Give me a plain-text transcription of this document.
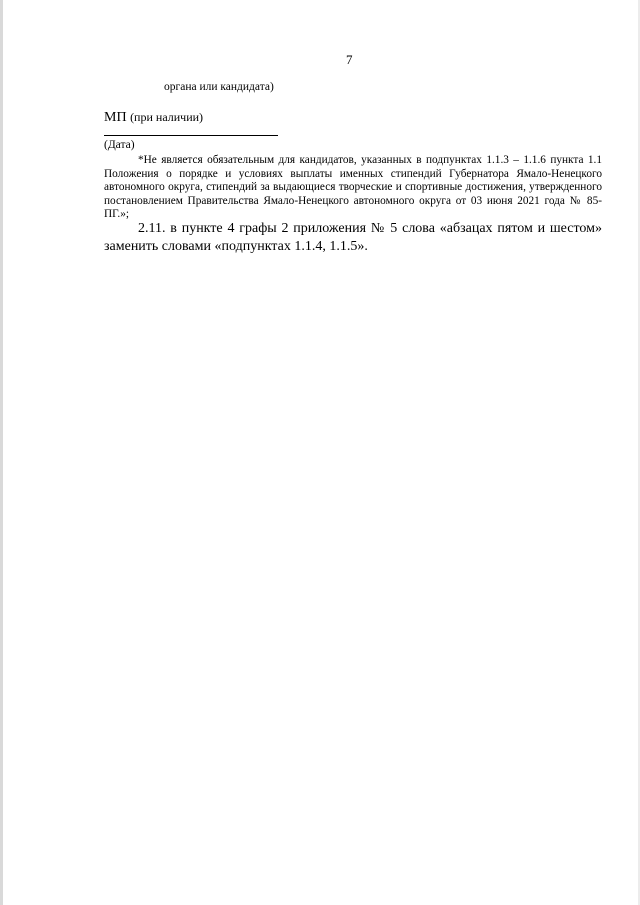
7
органа или кандидата)
МП (при наличии)
(Дата)

*Не является обязательным для кандидатов, указанных в подпунктах 1.1.3 – 1.1.6 пункта 1.1 Положения о порядке и условиях выплаты именных стипендий Губернатора Ямало-Ненецкого автономного округа, стипендий за выдающиеся творческие и спортивные достижения, утвержденного постановлением Правительства Ямало-Ненецкого автономного округа от 03 июня 2021 года № 85-ПГ.»;

2.11. в пункте 4 графы 2 приложения № 5 слова «абзацах пятом и шестом» заменить словами «подпунктах 1.1.4, 1.1.5».
